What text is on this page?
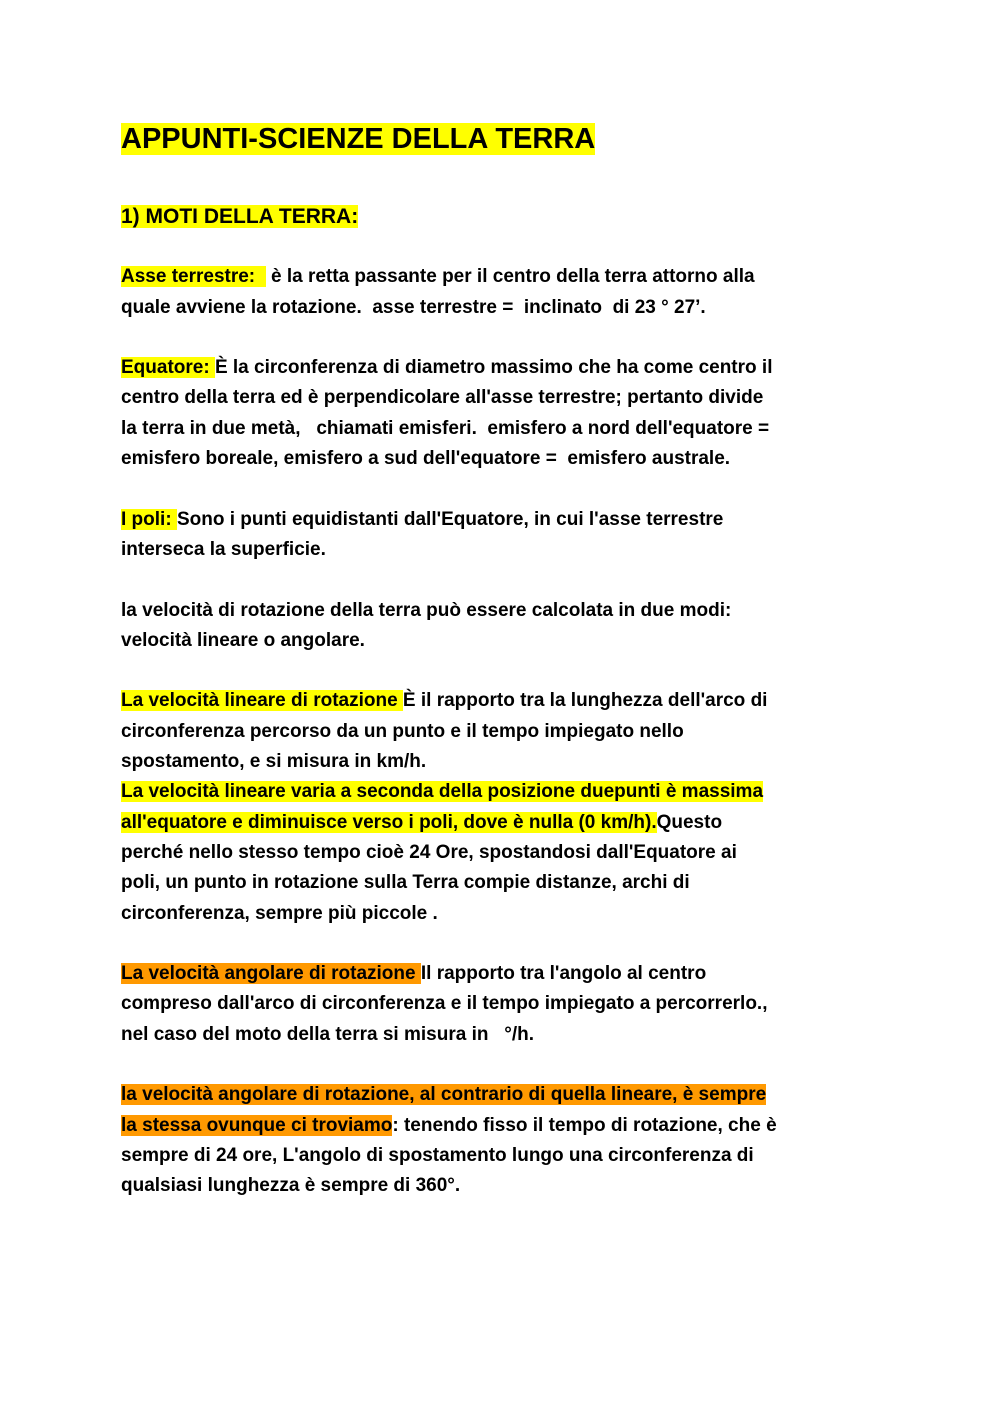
APPUNTI-SCIENZE DELLA TERRA
1) MOTI DELLA TERRA:
Asse terrestre:   è la retta passante per il centro della terra attorno alla
quale avviene la rotazione.  asse terrestre =  inclinato  di 23 ° 27’.
Equatore: È la circonferenza di diametro massimo che ha come centro il
centro della terra ed è perpendicolare all'asse terrestre; pertanto divide
la terra in due metà,   chiamati emisferi.  emisfero a nord dell'equatore =
emisfero boreale, emisfero a sud dell'equatore =  emisfero australe.
I poli: Sono i punti equidistanti dall'Equatore, in cui l'asse terrestre
interseca la superficie.
la velocità di rotazione della terra può essere calcolata in due modi:
velocità lineare o angolare.
La velocità lineare di rotazione È il rapporto tra la lunghezza dell'arco di
circonferenza percorso da un punto e il tempo impiegato nello
spostamento, e si misura in km/h.
La velocità lineare varia a seconda della posizione duepunti è massima
all'equatore e diminuisce verso i poli, dove è nulla (0 km/h).Questo
perché nello stesso tempo cioè 24 Ore, spostandosi dall'Equatore ai
poli, un punto in rotazione sulla Terra compie distanze, archi di
circonferenza, sempre più piccole .
La velocità angolare di rotazione Il rapporto tra l'angolo al centro
compreso dall'arco di circonferenza e il tempo impiegato a percorrerlo.,
nel caso del moto della terra si misura in   °/h.
la velocità angolare di rotazione, al contrario di quella lineare, è sempre
la stessa ovunque ci troviamo: tenendo fisso il tempo di rotazione, che è
sempre di 24 ore, L'angolo di spostamento lungo una circonferenza di
qualsiasi lunghezza è sempre di 360°.
